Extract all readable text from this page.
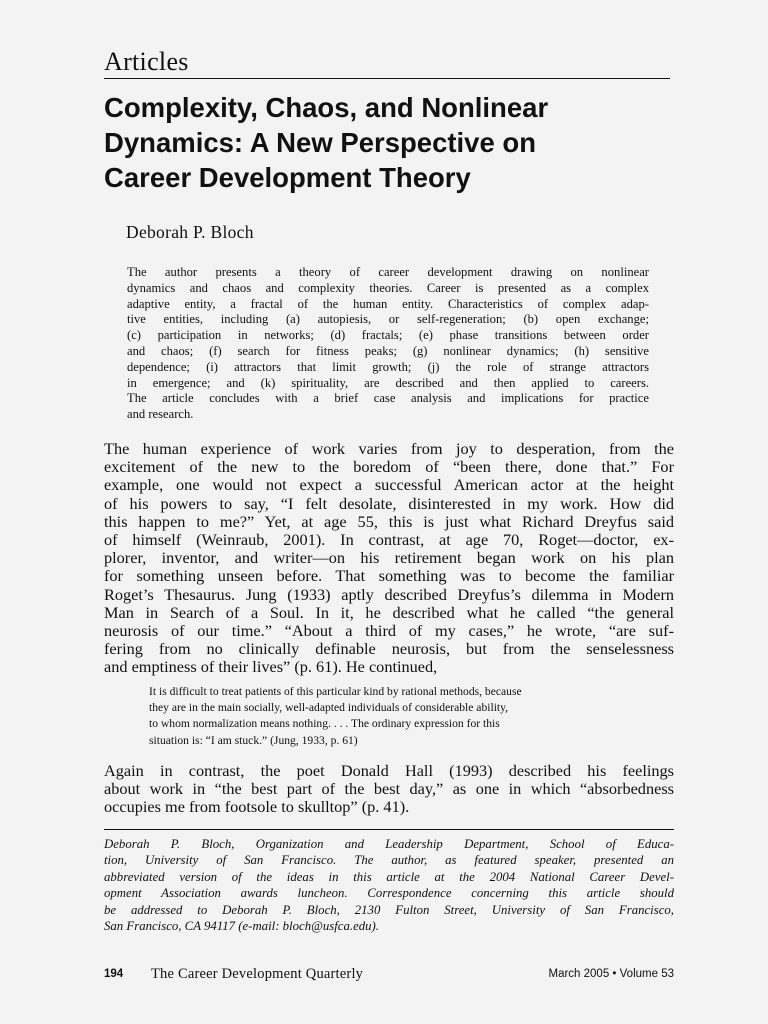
Articles
Complexity, Chaos, and Nonlinear
Dynamics: A New Perspective on
Career Development Theory
Deborah P. Bloch
The author presents a theory of career development drawing on nonlinear
dynamics and chaos and complexity theories. Career is presented as a complex
adaptive entity, a fractal of the human entity. Characteristics of complex adap-
tive entities, including (a) autopiesis, or self-regeneration; (b) open exchange;
(c) participation in networks; (d) fractals; (e) phase transitions between order
and chaos; (f) search for fitness peaks; (g) nonlinear dynamics; (h) sensitive
dependence; (i) attractors that limit growth; (j) the role of strange attractors
in emergence; and (k) spirituality, are described and then applied to careers.
The article concludes with a brief case analysis and implications for practice
and research.
The human experience of work varies from joy to desperation, from the
excitement of the new to the boredom of “been there, done that.” For
example, one would not expect a successful American actor at the height
of his powers to say, “I felt desolate, disinterested in my work. How did
this happen to me?” Yet, at age 55, this is just what Richard Dreyfus said
of himself (Weinraub, 2001). In contrast, at age 70, Roget—doctor, ex-
plorer, inventor, and writer—on his retirement began work on his plan
for something unseen before. That something was to become the familiar
Roget’s Thesaurus. Jung (1933) aptly described Dreyfus’s dilemma in Modern
Man in Search of a Soul. In it, he described what he called “the general
neurosis of our time.” “About a third of my cases,” he wrote, “are suf-
fering from no clinically definable neurosis, but from the senselessness
and emptiness of their lives” (p. 61). He continued,
It is difficult to treat patients of this particular kind by rational methods, because
they are in the main socially, well-adapted individuals of considerable ability,
to whom normalization means nothing. . . . The ordinary expression for this
situation is: “I am stuck.” (Jung, 1933, p. 61)
Again in contrast, the poet Donald Hall (1993) described his feelings
about work in “the best part of the best day,” as one in which “absorbedness
occupies me from footsole to skulltop” (p. 41).
Deborah P. Bloch, Organization and Leadership Department, School of Educa-
tion, University of San Francisco. The author, as featured speaker, presented an
abbreviated version of the ideas in this article at the 2004 National Career Devel-
opment Association awards luncheon. Correspondence concerning this article should
be addressed to Deborah P. Bloch, 2130 Fulton Street, University of San Francisco,
San Francisco, CA 94117 (e-mail: bloch@usfca.edu).
194 The Career Development Quarterly	March 2005 • Volume 53
